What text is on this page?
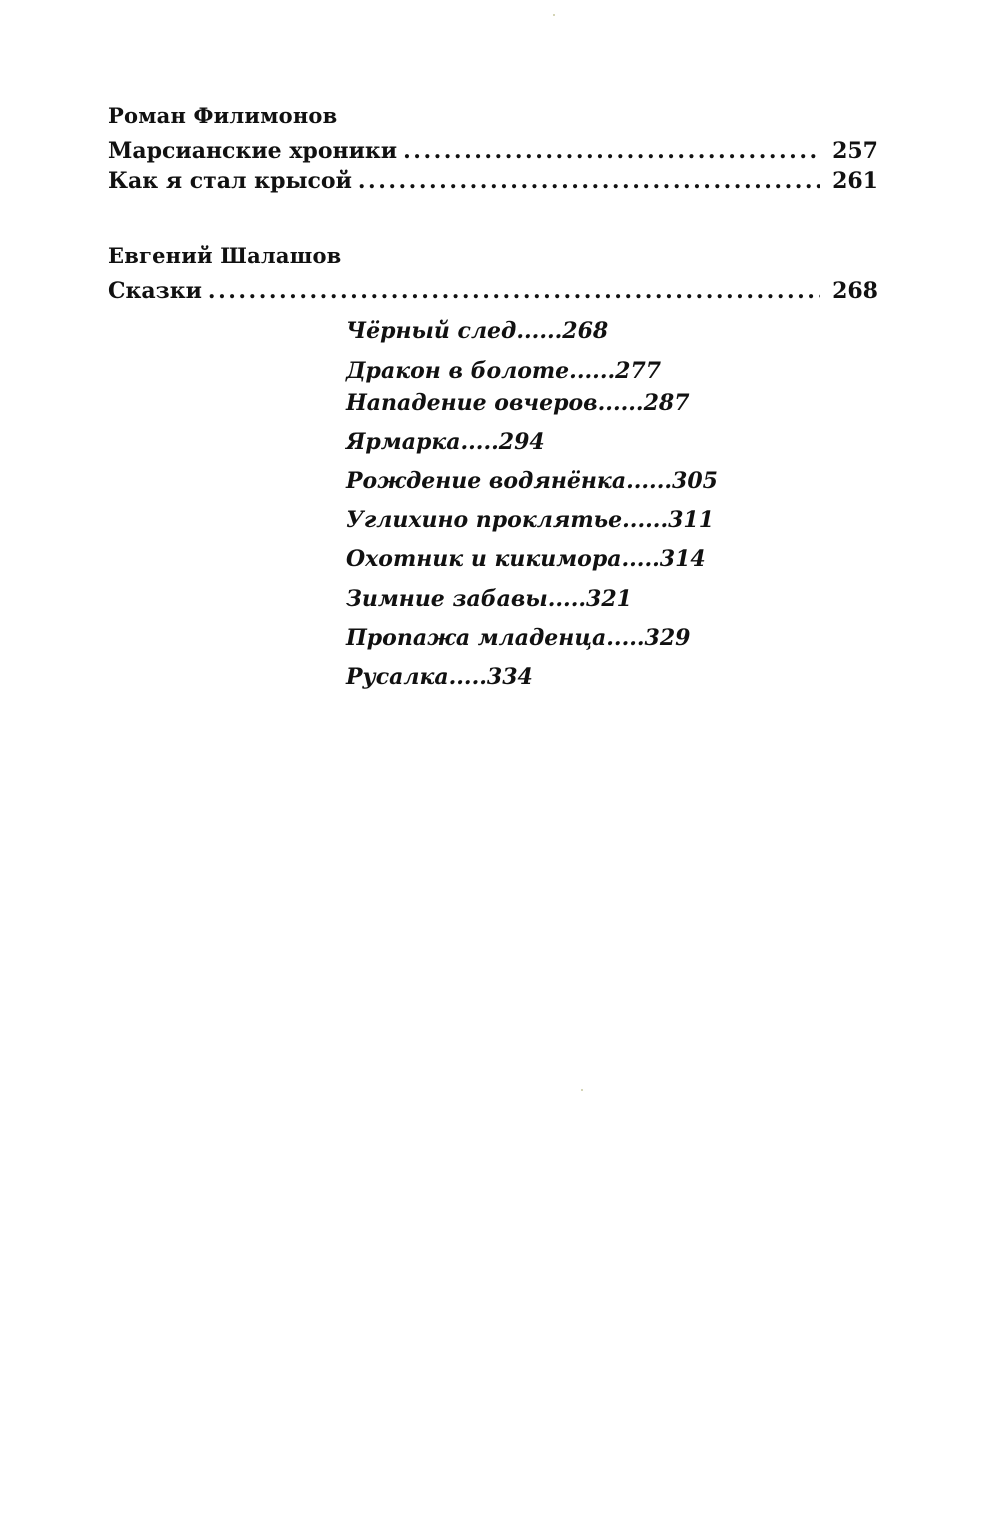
Роман Филимонов
Марсианские хроники .....	257
Как я стал крысой .....	261
Евгений Шалашов
Сказки .....	268
Чёрный след......268
Дракон в болоте......277
Нападение овчеров......287
Ярмарка.....294
Рождение водянёнка......305
Углихино проклятье......311
Охотник и кикимора.....314
Зимние забавы.....321
Пропажа младенца.....329
Русалка.....334
